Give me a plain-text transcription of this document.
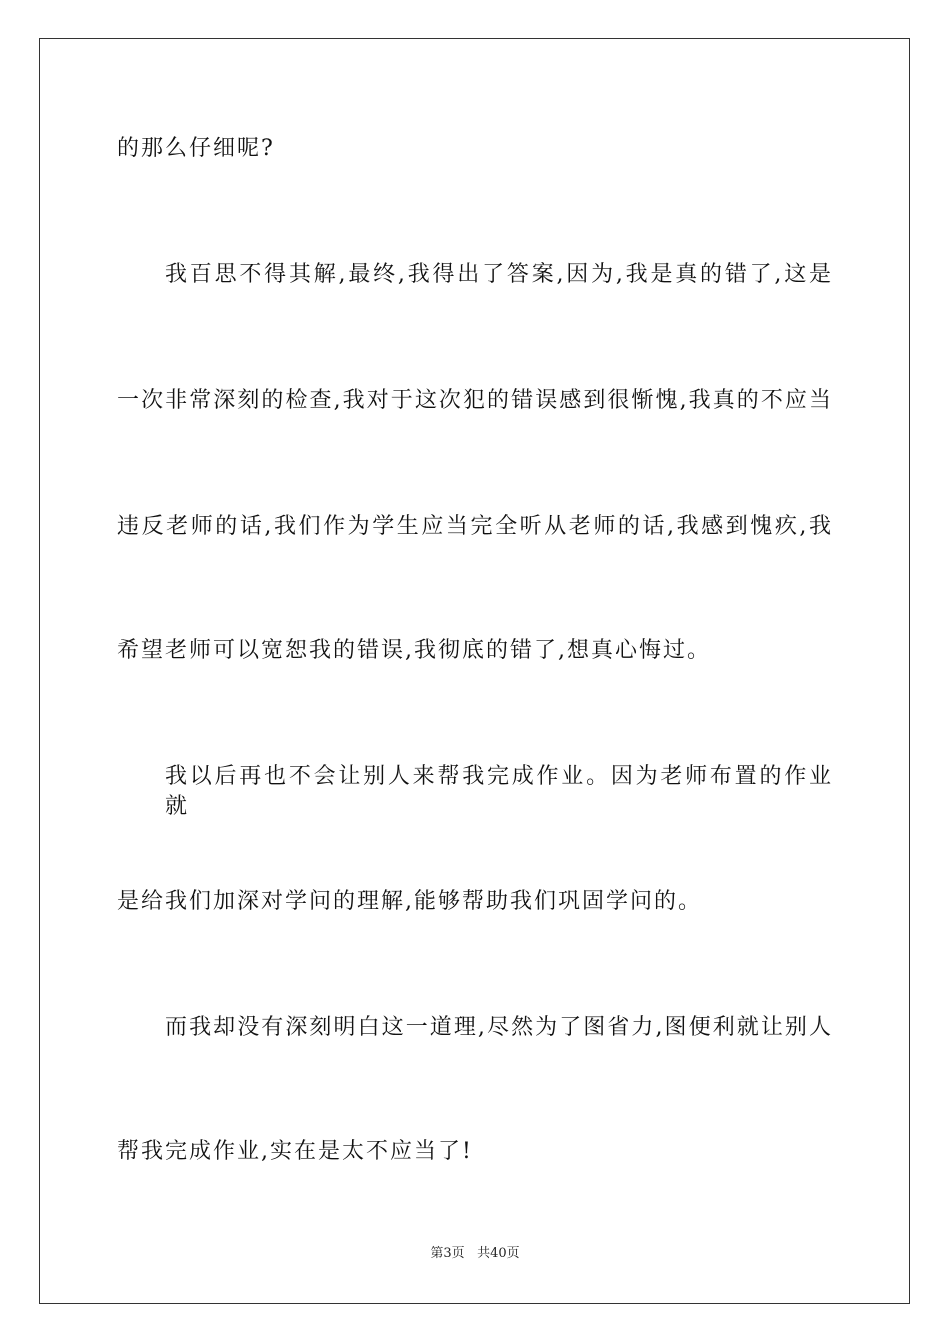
的那么仔细呢?
我百思不得其解,最终,我得出了答案,因为,我是真的错了,这是
一次非常深刻的检查,我对于这次犯的错误感到很惭愧,我真的不应当
违反老师的话,我们作为学生应当完全听从老师的话,我感到愧疚,我
希望老师可以宽恕我的错误,我彻底的错了,想真心悔过。
我以后再也不会让别人来帮我完成作业。因为老师布置的作业就
是给我们加深对学问的理解,能够帮助我们巩固学问的。
而我却没有深刻明白这一道理,尽然为了图省力,图便利就让别人
帮我完成作业,实在是太不应当了!
第3页 共40页
